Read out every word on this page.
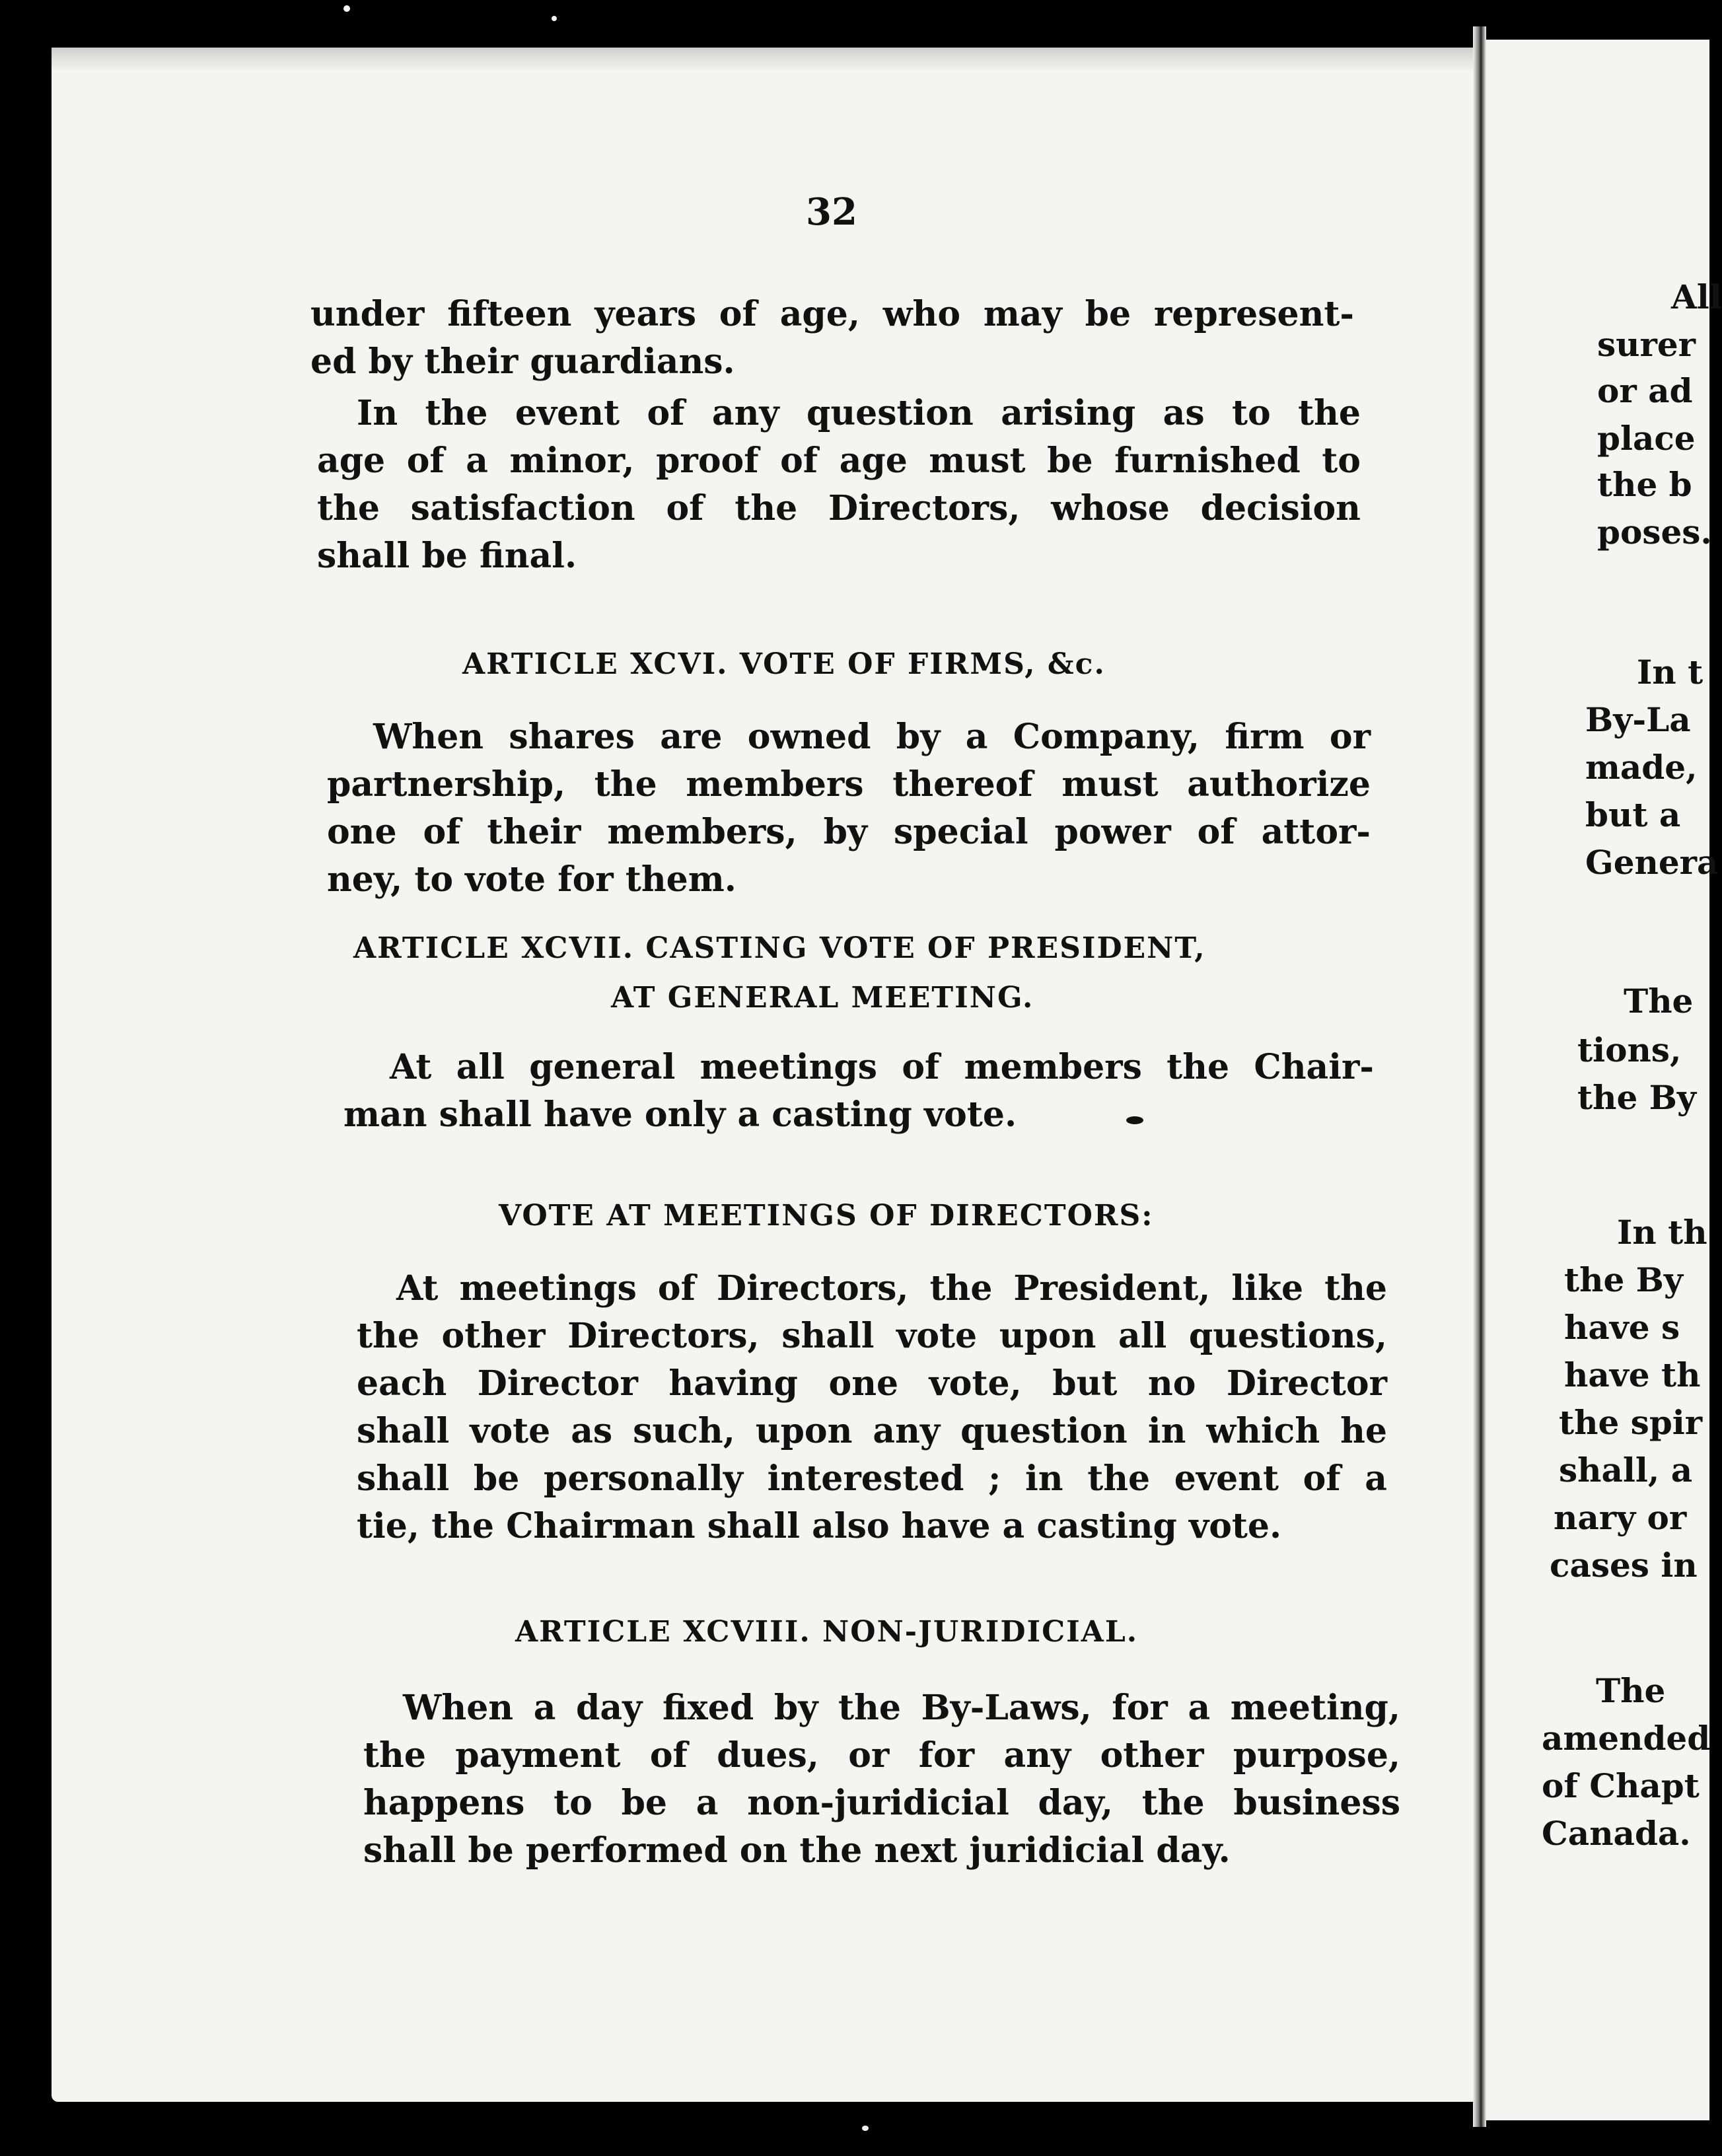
32
under fifteen years of age, who may be represent-
ed by their guardians.
In the event of any question arising as to the
age of a minor, proof of age must be furnished to
the satisfaction of the Directors, whose decision
shall be final.
ARTICLE XCVI. VOTE OF FIRMS, &c.
When shares are owned by a Company, firm or
partnership, the members thereof must authorize
one of their members, by special power of attor-
ney, to vote for them.
ARTICLE XCVII. CASTING VOTE OF PRESIDENT,
AT GENERAL MEETING.
At all general meetings of members the Chair-
man shall have only a casting vote.
VOTE AT MEETINGS OF DIRECTORS:
At meetings of Directors, the President, like the
the other Directors, shall vote upon all questions,
each Director having one vote, but no Director
shall vote as such, upon any question in which he
shall be personally interested ; in the event of a
tie, the Chairman shall also have a casting vote.
ARTICLE XCVIII. NON-JURIDICIAL.
When a day fixed by the By-Laws, for a meeting,
the payment of dues, or for any other purpose,
happens to be a non-juridicial day, the business
shall be performed on the next juridicial day.
All
surer
or ad
place
the b
poses.
In t
By-La
made,
but a
Genera
The
tions,
the By
In th
the By
have s
have th
the spir
shall, a
nary or
cases in
The
amended
of Chapt
Canada.
